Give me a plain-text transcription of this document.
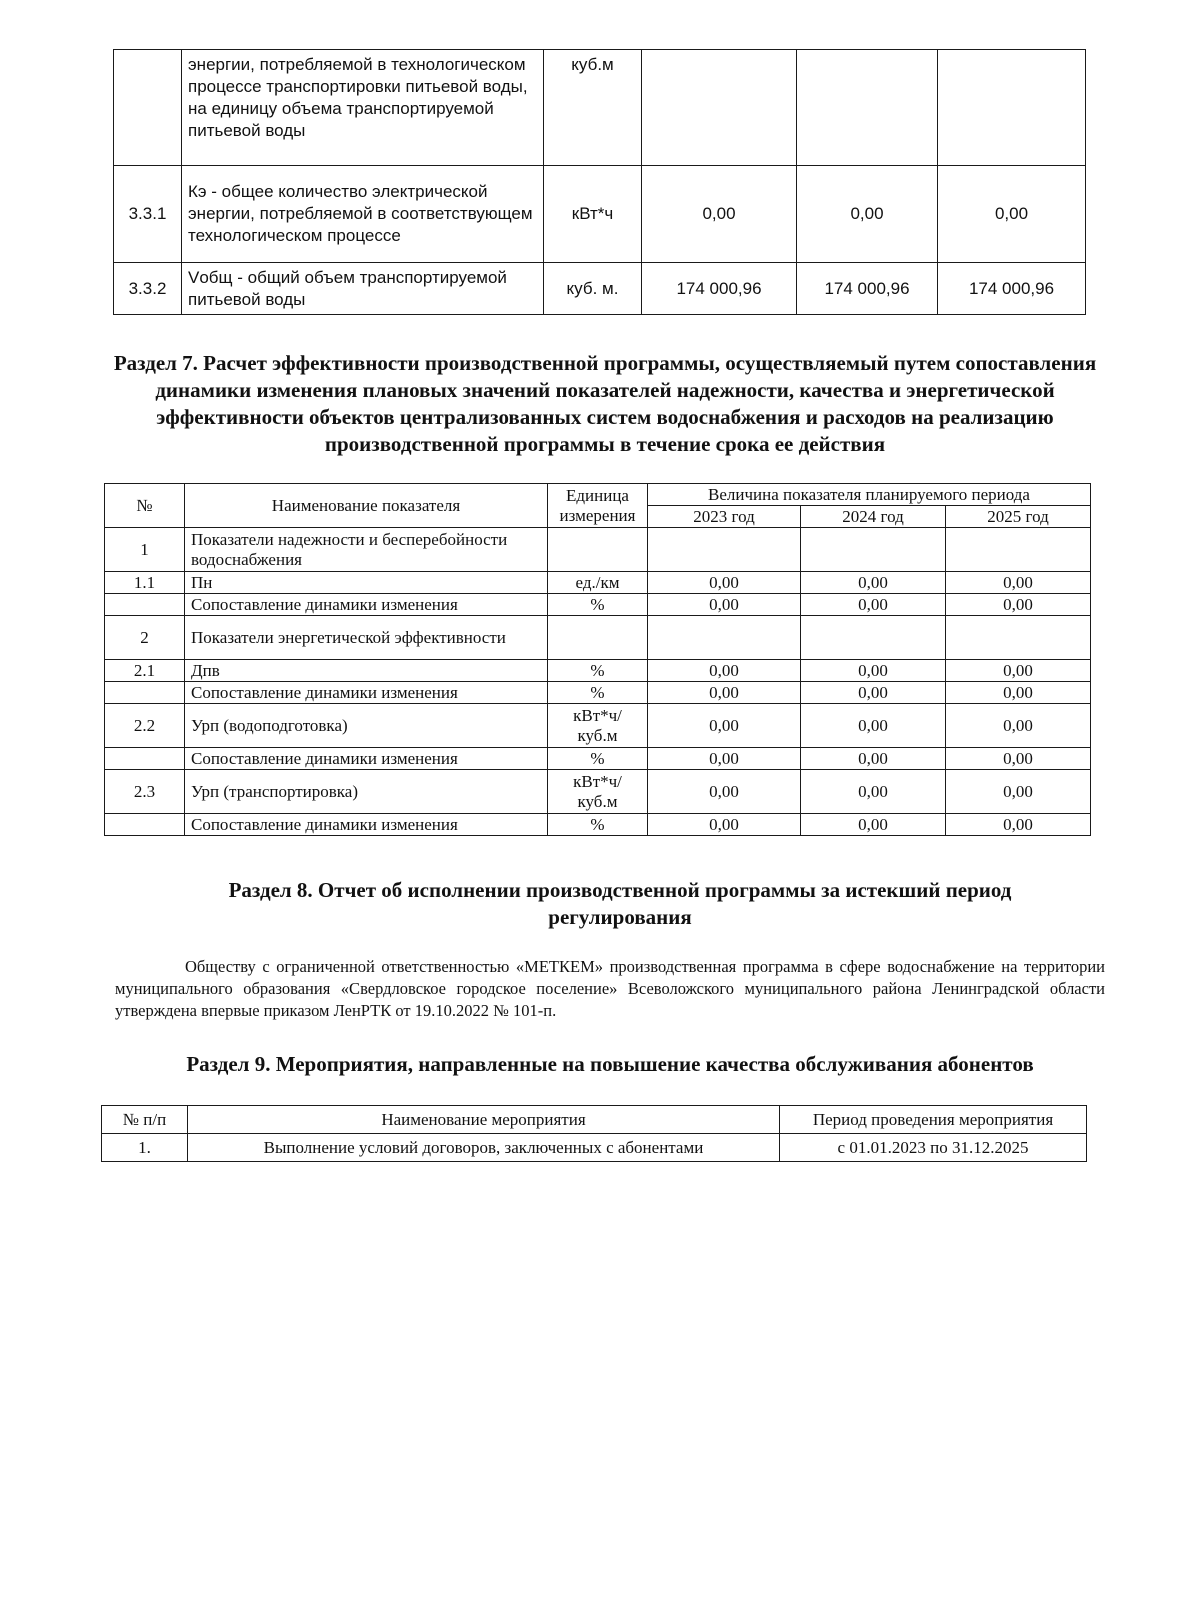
	энергии, потребляемой в технологическом процессе транспортировки питьевой воды, на единицу объема транспортируемой питьевой воды	куб.м			
3.3.1	Кэ - общее количество электрической энергии, потребляемой в соответствующем технологическом процессе	кВт*ч	0,00	0,00	0,00
3.3.2	Vобщ - общий объем транспортируемой питьевой воды	куб. м.	174 000,96	174 000,96	174 000,96
Раздел 7. Расчет эффективности производственной программы, осуществляемый путем сопоставления динамики изменения плановых значений показателей надежности, качества и энергетической эффективности объектов централизованных систем водоснабжения и расходов на реализацию производственной программы в течение срока ее действия
№	Наименование показателя	Единица измерения	Величина показателя планируемого периода		
			2023 год	2024 год	2025 год
1	Показатели надежности и бесперебойности водоснабжения				
1.1	Пн	ед./км	0,00	0,00	0,00
	Сопоставление динамики изменения	%	0,00	0,00	0,00
2	Показатели энергетической эффективности				
2.1	Дпв	%	0,00	0,00	0,00
	Сопоставление динамики изменения	%	0,00	0,00	0,00
2.2	Урп (водоподготовка)	кВт*ч/ куб.м	0,00	0,00	0,00
	Сопоставление динамики изменения	%	0,00	0,00	0,00
2.3	Урп (транспортировка)	кВт*ч/ куб.м	0,00	0,00	0,00
	Сопоставление динамики изменения	%	0,00	0,00	0,00
Раздел 8. Отчет об исполнении производственной программы за истекший период регулирования

Обществу с ограниченной ответственностью «МЕТКЕМ» производственная программа в сфере водоснабжение на территории муниципального образования «Свердловское городское поселение» Всеволожского муниципального района Ленинградской области утверждена впервые приказом ЛенРТК от 19.10.2022 № 101-п.

Раздел 9. Мероприятия, направленные на повышение качества обслуживания абонентов
№ п/п	Наименование мероприятия	Период проведения мероприятия
1.	Выполнение условий договоров, заключенных с абонентами	с 01.01.2023 по 31.12.2025
